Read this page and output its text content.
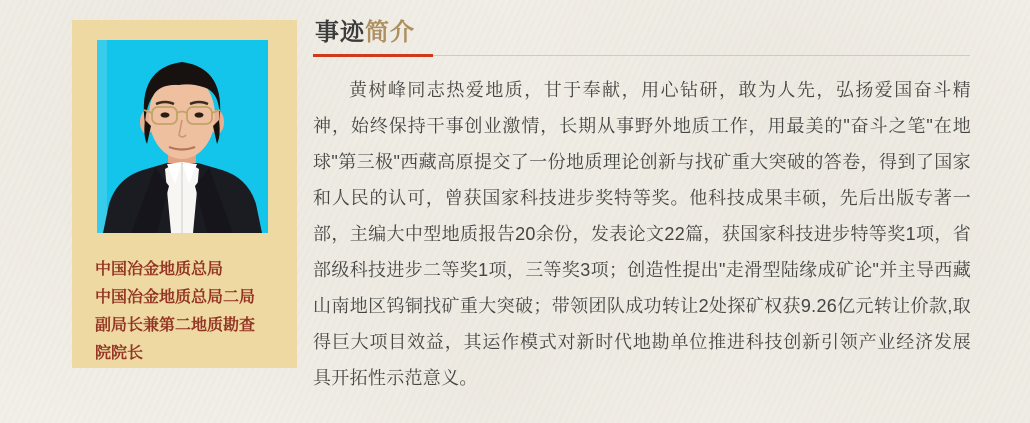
中国冶金地质总局
中国冶金地质总局二局
副局长兼第二地质勘查院院长
事迹简介

黄树峰同志热爱地质，甘于奉献，用心钻研，敢为人先，弘扬爱国奋斗精神，始终保持干事创业激情，长期从事野外地质工作，用最美的"奋斗之笔"在地球"第三极"西藏高原提交了一份地质理论创新与找矿重大突破的答卷，得到了国家和人民的认可，曾获国家科技进步奖特等奖。他科技成果丰硕，先后出版专著一部，主编大中型地质报告20余份，发表论文22篇，获国家科技进步特等奖1项，省部级科技进步二等奖1项，三等奖3项；创造性提出"走滑型陆缘成矿论"并主导西藏山南地区钨铜找矿重大突破；带领团队成功转让2处探矿权获9.26亿元转让价款,取得巨大项目效益，其运作模式对新时代地勘单位推进科技创新引领产业经济发展具开拓性示范意义。
